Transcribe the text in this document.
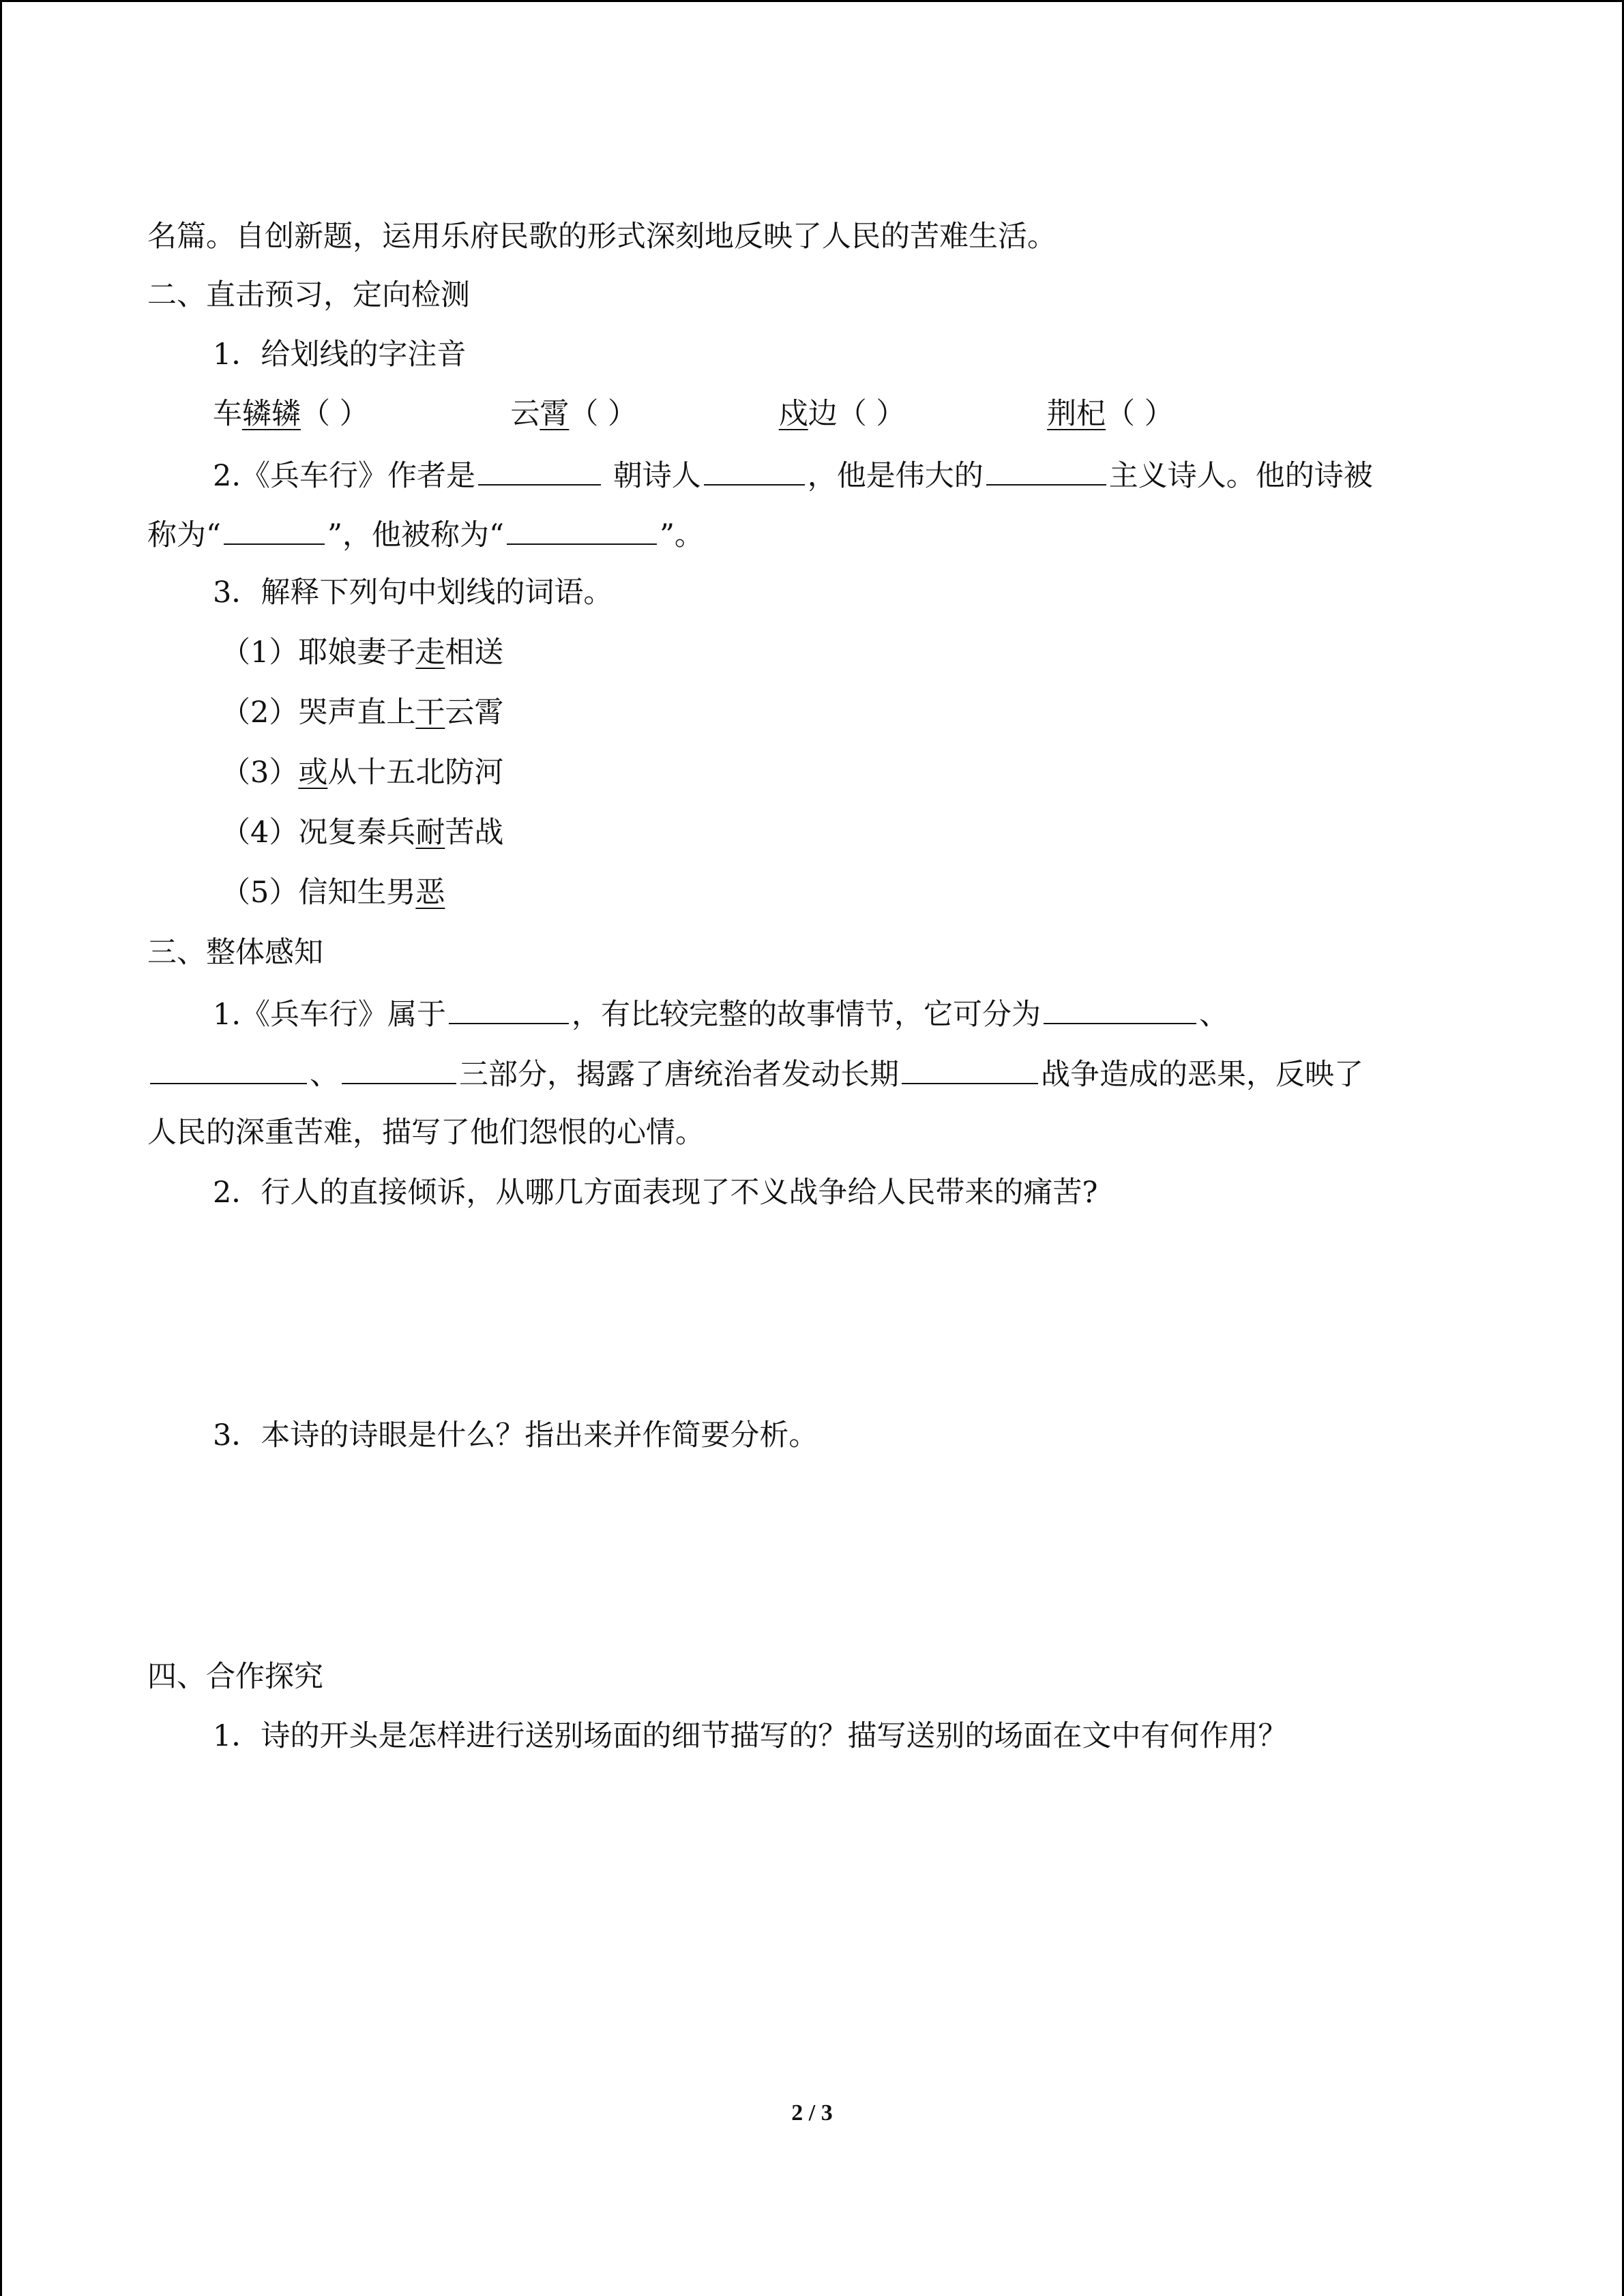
名篇。自创新题，运用乐府民歌的形式深刻地反映了人民的苦难生活。
二、直击预习，定向检测
1．给划线的字注音
车辚辚（ ）	云霄（ ）	戍边（ ）	荆杞（ ）
2.《兵车行》作者是	朝诗人	，他是伟大的	主义诗人。他的诗被
称为“	”，他被称为“	”。
3．解释下列句中划线的词语。
（1）耶娘妻子走相送
（2）哭声直上干云霄
（3）或从十五北防河
（4）况复秦兵耐苦战
（5）信知生男恶
三、整体感知
1.《兵车行》属于	，有比较完整的故事情节，它可分为	、
、	三部分，揭露了唐统治者发动长期	战争造成的恶果，反映了
人民的深重苦难，描写了他们怨恨的心情。
2．行人的直接倾诉，从哪几方面表现了不义战争给人民带来的痛苦?
3．本诗的诗眼是什么？指出来并作简要分析。
四、合作探究
1．诗的开头是怎样进行送别场面的细节描写的？描写送别的场面在文中有何作用？
2 / 3
